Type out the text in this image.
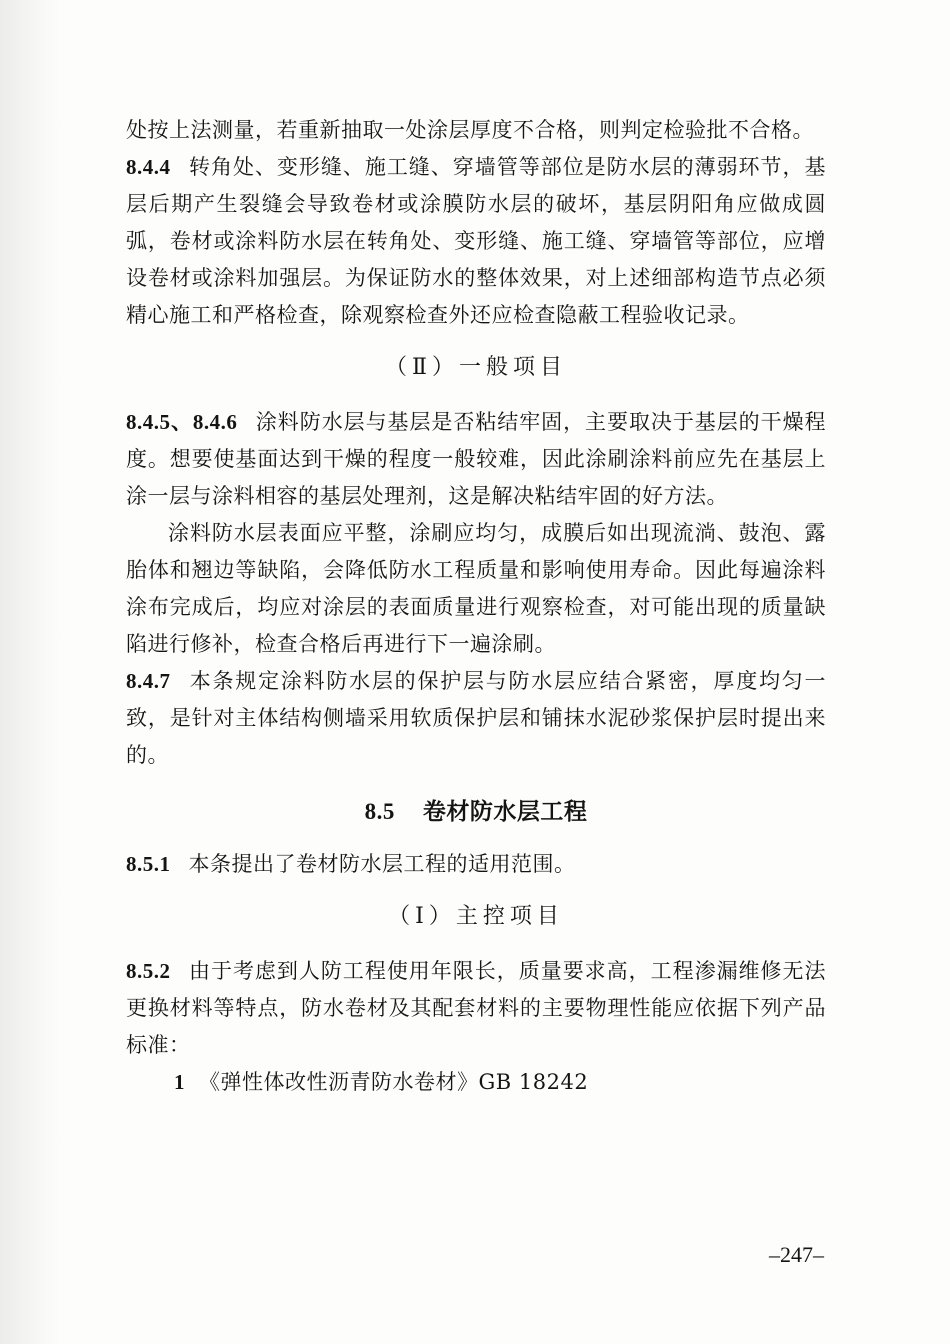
处按上法测量，若重新抽取一处涂层厚度不合格，则判定检验批不合格。

8.4.4 转角处、变形缝、施工缝、穿墙管等部位是防水层的薄弱环节，基层后期产生裂缝会导致卷材或涂膜防水层的破坏，基层阴阳角应做成圆弧，卷材或涂料防水层在转角处、变形缝、施工缝、穿墙管等部位，应增设卷材或涂料加强层。为保证防水的整体效果，对上述细部构造节点必须精心施工和严格检查，除观察检查外还应检查隐蔽工程验收记录。

（Ⅱ）一般项目

8.4.5、8.4.6 涂料防水层与基层是否粘结牢固，主要取决于基层的干燥程度。想要使基面达到干燥的程度一般较难，因此涂刷涂料前应先在基层上涂一层与涂料相容的基层处理剂，这是解决粘结牢固的好方法。

涂料防水层表面应平整，涂刷应均匀，成膜后如出现流淌、鼓泡、露胎体和翘边等缺陷，会降低防水工程质量和影响使用寿命。因此每遍涂料涂布完成后，均应对涂层的表面质量进行观察检查，对可能出现的质量缺陷进行修补，检查合格后再进行下一遍涂刷。

8.4.7 本条规定涂料防水层的保护层与防水层应结合紧密，厚度均匀一致，是针对主体结构侧墙采用软质保护层和铺抹水泥砂浆保护层时提出来的。

8.5 卷材防水层工程

8.5.1 本条提出了卷材防水层工程的适用范围。

（Ⅰ）主控项目

8.5.2 由于考虑到人防工程使用年限长，质量要求高，工程渗漏维修无法更换材料等特点，防水卷材及其配套材料的主要物理性能应依据下列产品标准：

1 《弹性体改性沥青防水卷材》GB 18242

–247–
